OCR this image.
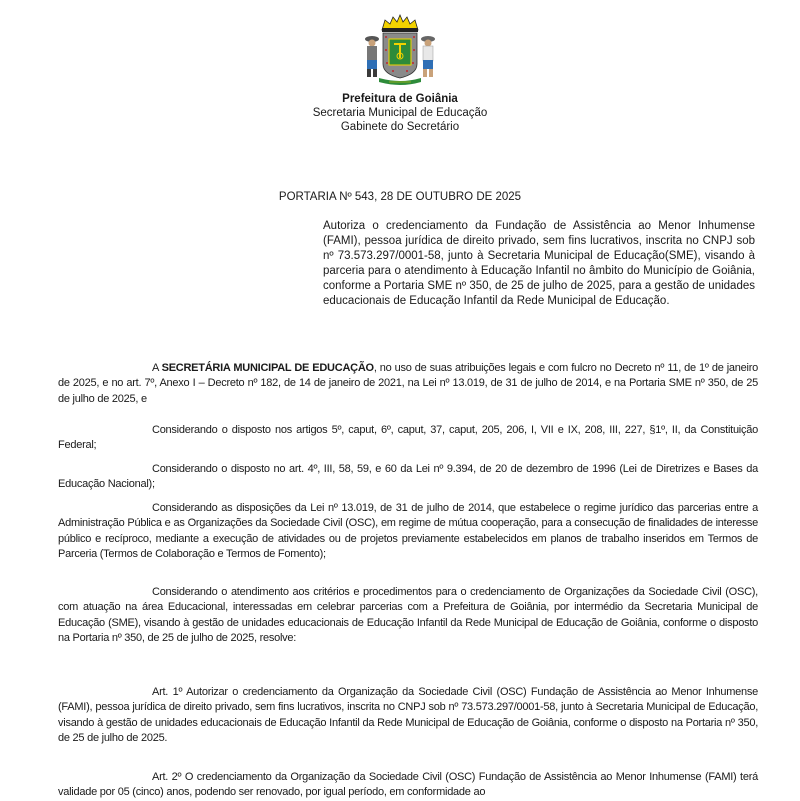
Prefeitura de Goiânia
Secretaria Municipal de Educação
Gabinete do Secretário
PORTARIA Nº 543, 28 DE OUTUBRO DE 2025
Autoriza o credenciamento da Fundação de Assistência ao Menor Inhumense (FAMI), pessoa jurídica de direito privado, sem fins lucrativos, inscrita no CNPJ sob nº 73.573.297/0001-58, junto à Secretaria Municipal de Educação(SME), visando à parceria para o atendimento à Educação Infantil no âmbito do Município de Goiânia, conforme a Portaria SME nº 350, de 25 de julho de 2025, para a gestão de unidades educacionais de Educação Infantil da Rede Municipal de Educação.

A SECRETÁRIA MUNICIPAL DE EDUCAÇÃO, no uso de suas atribuições legais e com fulcro no Decreto nº 11, de 1º de janeiro de 2025, e no art. 7º, Anexo I – Decreto nº 182, de 14 de janeiro de 2021, na Lei nº 13.019, de 31 de julho de 2014, e na Portaria SME nº 350, de 25 de julho de 2025, e

Considerando o disposto nos artigos 5º, caput, 6º, caput, 37, caput, 205, 206, I, VII e IX, 208, III, 227, §1º, II, da Constituição Federal;

Considerando o disposto no art. 4º, III, 58, 59, e 60 da Lei nº 9.394, de 20 de dezembro de 1996 (Lei de Diretrizes e Bases da Educação Nacional);

Considerando as disposições da Lei nº 13.019, de 31 de julho de 2014, que estabelece o regime jurídico das parcerias entre a Administração Pública e as Organizações da Sociedade Civil (OSC), em regime de mútua cooperação, para a consecução de finalidades de interesse público e recíproco, mediante a execução de atividades ou de projetos previamente estabelecidos em planos de trabalho inseridos em Termos de Parceria (Termos de Colaboração e Termos de Fomento);

Considerando o atendimento aos critérios e procedimentos para o credenciamento de Organizações da Sociedade Civil (OSC), com atuação na área Educacional, interessadas em celebrar parcerias com a Prefeitura de Goiânia, por intermédio da Secretaria Municipal de Educação (SME), visando à gestão de unidades educacionais de Educação Infantil da Rede Municipal de Educação de Goiânia, conforme o disposto na Portaria nº 350, de 25 de julho de 2025, resolve:

Art. 1º Autorizar o credenciamento da Organização da Sociedade Civil (OSC) Fundação de Assistência ao Menor Inhumense (FAMI), pessoa jurídica de direito privado, sem fins lucrativos, inscrita no CNPJ sob nº 73.573.297/0001-58, junto à Secretaria Municipal de Educação, visando à gestão de unidades educacionais de Educação Infantil da Rede Municipal de Educação de Goiânia, conforme o disposto na Portaria nº 350, de 25 de julho de 2025.

Art. 2º O credenciamento da Organização da Sociedade Civil (OSC) Fundação de Assistência ao Menor Inhumense (FAMI) terá validade por 05 (cinco) anos, podendo ser renovado, por igual período, em conformidade ao
